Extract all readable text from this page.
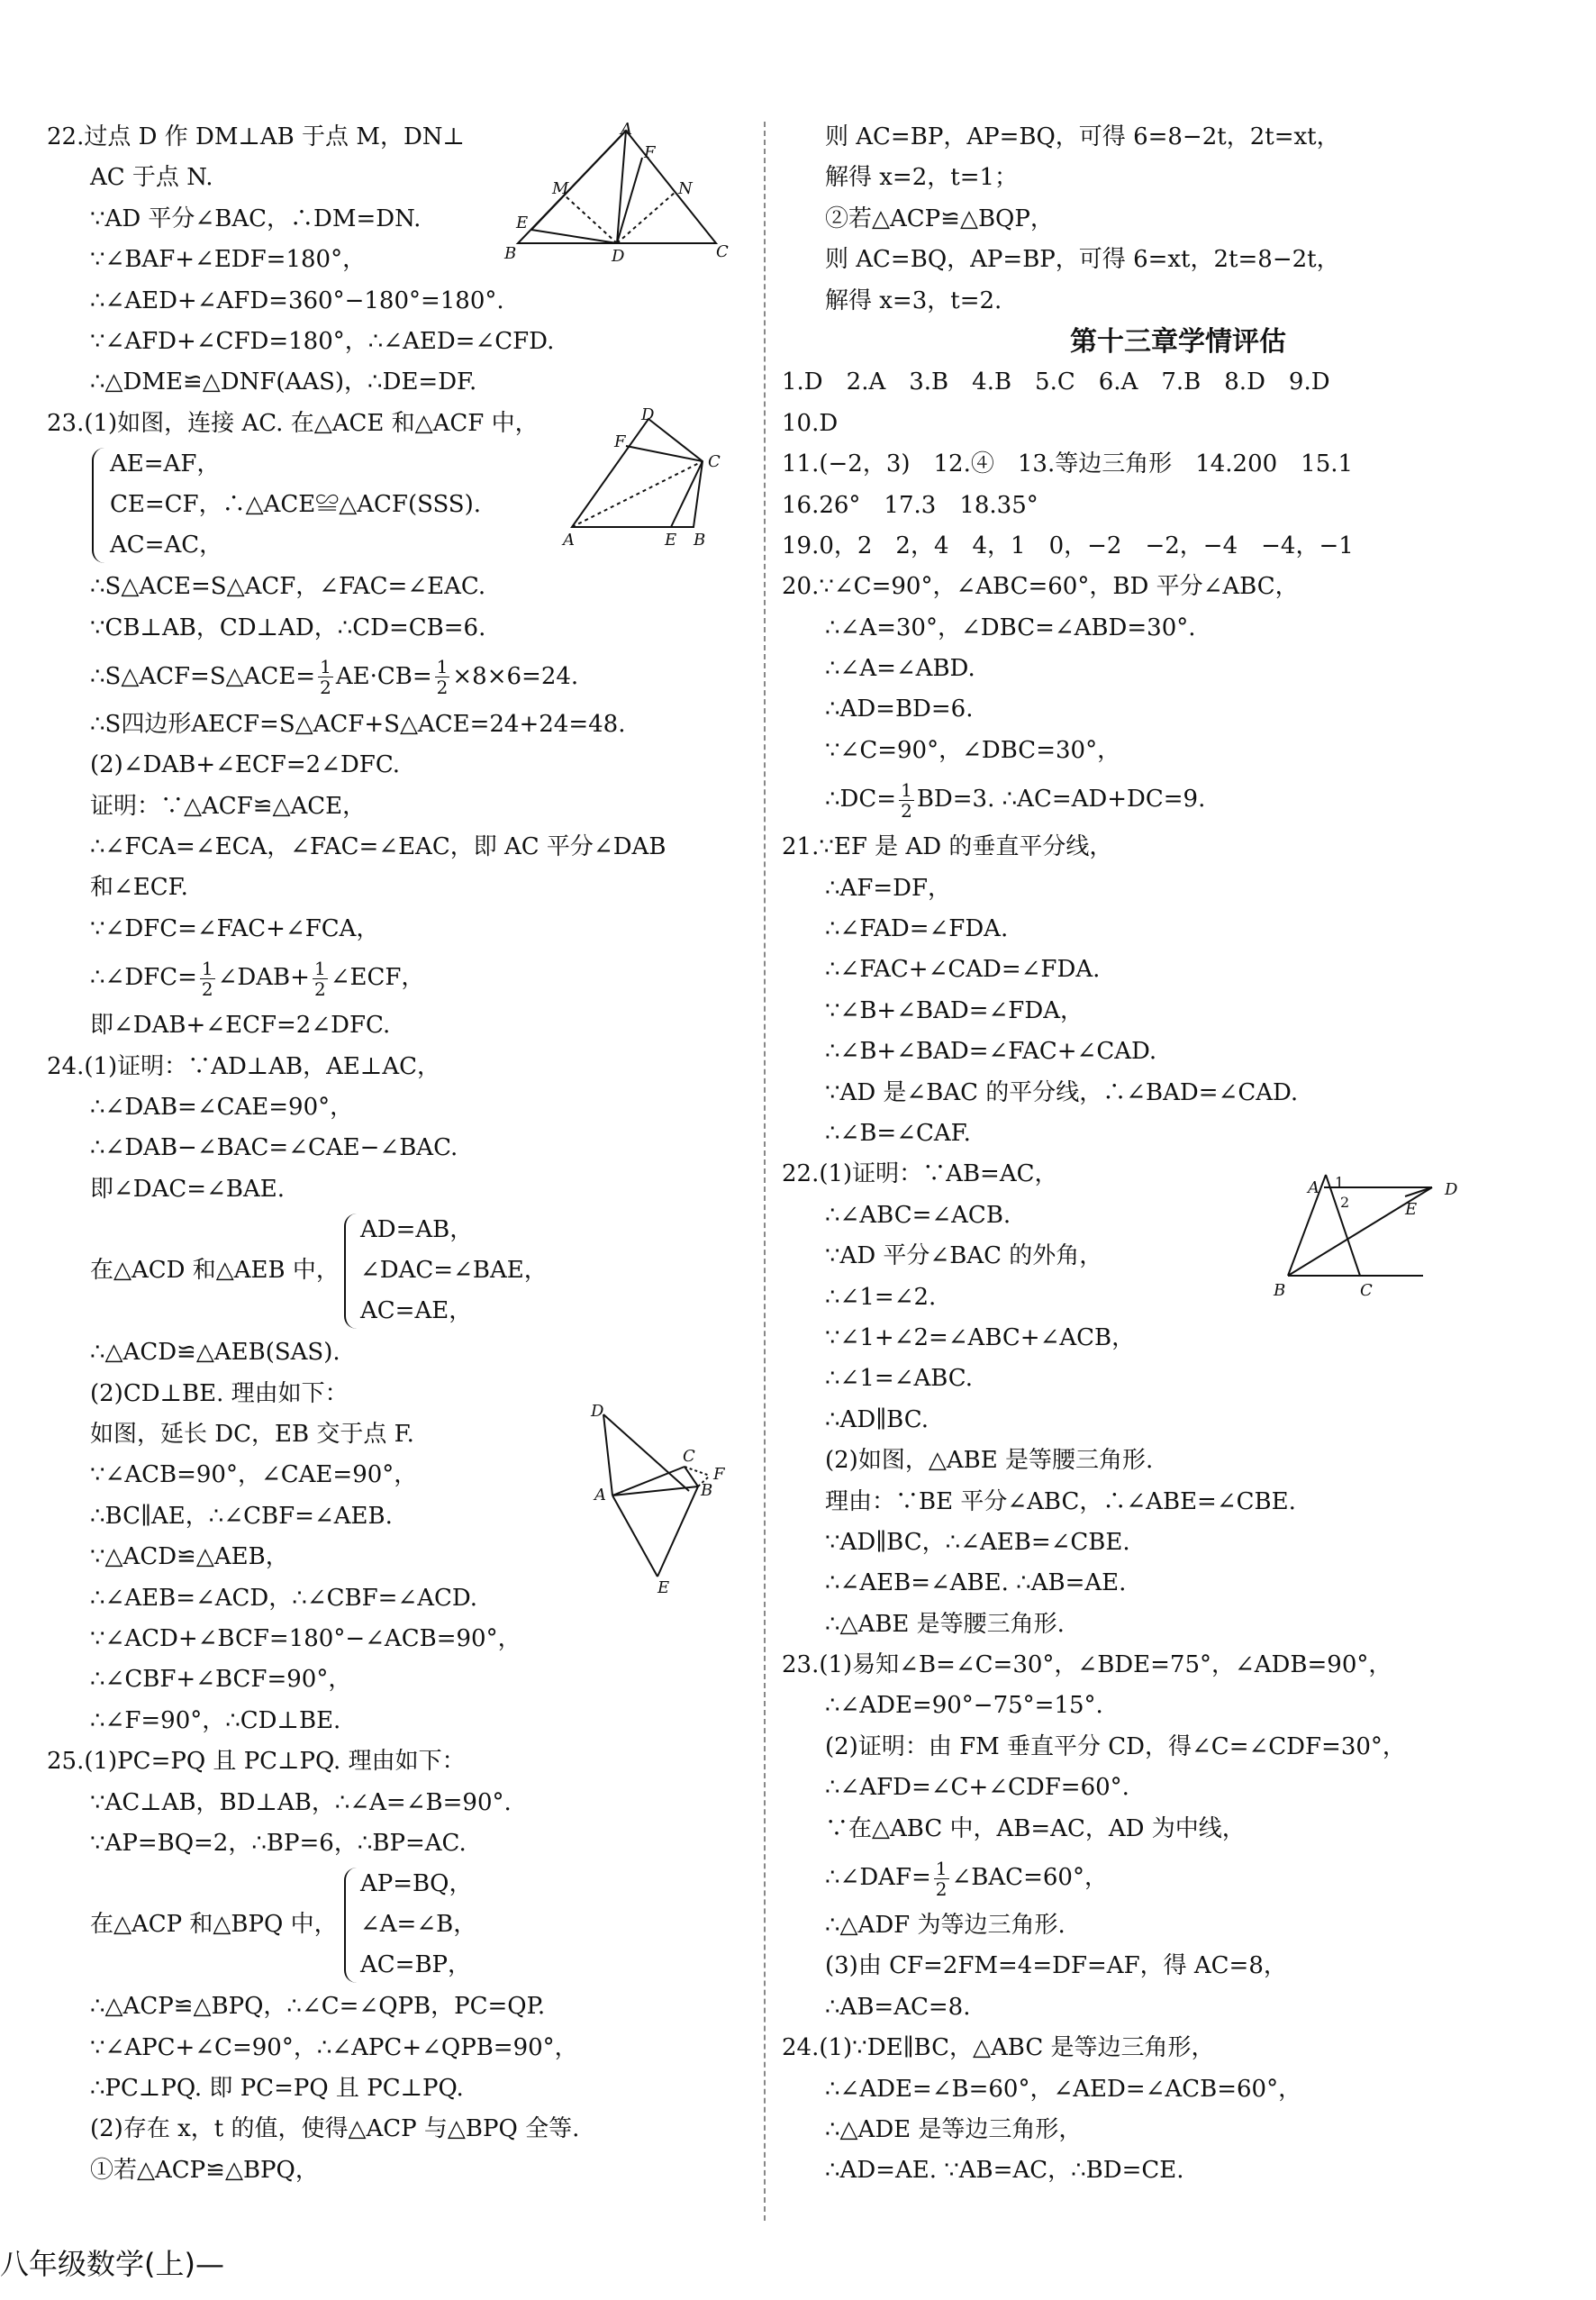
22.过点 D 作 DM⊥AB 于点 M，DN⊥
AC 于点 N.
∵AD 平分∠BAC，∴DM=DN.
∵∠BAF+∠EDF=180°，
∴∠AED+∠AFD=360°−180°=180°.
∵∠AFD+∠CFD=180°，∴∠AED=∠CFD.
∴△DME≌△DNF(AAS)，∴DE=DF.
23.(1)如图，连接 AC. 在△ACE 和△ACF 中，
AE=AF，
CE=CF，∴△ACE≌△ACF(SSS).
AC=AC，
∴S△ACE=S△ACF，∠FAC=∠EAC.
∵CB⊥AB，CD⊥AD，∴CD=CB=6.
∴S△ACF=S△ACE= $\frac{1}{2} AE\cdot CB= \frac{1}{2} \times 8\times 6=24$.
∴S四边形AECF=S△ACF+S△ACE=24+24=48.
(2)∠DAB+∠ECF=2∠DFC.
证明：∵△ACF≌△ACE，
∴∠FCA=∠ECA，∠FAC=∠EAC，即 AC 平分∠DAB
和∠ECF.
∵∠DFC=∠FAC+∠FCA，
∴∠DFC= $\frac{1}{2}$ ∠DAB+ $\frac{1}{2}$ ∠ECF，
即∠DAB+∠ECF=2∠DFC.
24.(1)证明：∵AD⊥AB，AE⊥AC，
∴∠DAB=∠CAE=90°，
∴∠DAB−∠BAC=∠CAE−∠BAC.
即∠DAC=∠BAE.
在△ACD 和△AEB 中，
AD=AB，
∠DAC=∠BAE，
AC=AE，
∴△ACD≌△AEB(SAS).
(2)CD⊥BE. 理由如下：
如图，延长 DC，EB 交于点 F.
∵∠ACB=90°，∠CAE=90°，
∴BC∥AE，∴∠CBF=∠AEB.
∵△ACD≌△AEB，
∴∠AEB=∠ACD，∴∠CBF=∠ACD.
∵∠ACD+∠BCF=180°−∠ACB=90°，
∴∠CBF+∠BCF=90°，
∴∠F=90°，∴CD⊥BE.
25.(1)PC=PQ 且 PC⊥PQ. 理由如下：
∵AC⊥AB，BD⊥AB，∴∠A=∠B=90°.
∵AP=BQ=2，∴BP=6，∴BP=AC.
在△ACP 和△BPQ 中，
AP=BQ，
∠A=∠B，
AC=BP，
∴△ACP≌△BPQ，∴∠C=∠QPB，PC=QP.
∵∠APC+∠C=90°，∴∠APC+∠QPB=90°，
∴PC⊥PQ. 即 PC=PQ 且 PC⊥PQ.
(2)存在 x，t 的值，使得△ACP 与△BPQ 全等.
①若△ACP≌△BPQ，
则 AC=BP，AP=BQ，可得 6=8−2t，2t=xt，
解得 x=2，t=1；
②若△ACP≌△BQP，
则 AC=BQ，AP=BP，可得 6=xt，2t=8−2t，
解得 x=3，t=2.
第十三章学情评估
1.D　2.A　3.B　4.B　5.C　6.A　7.B　8.D　9.D
10.D
11.(−2，3)　12.④　13.等边三角形　14.200　15.1
16.26°　17.3　18.35°
19.0，2　2，4　4，1　0，−2　−2，−4　−4，−1
20.∵∠C=90°，∠ABC=60°，BD 平分∠ABC，
∴∠A=30°，∠DBC=∠ABD=30°.
∴∠A=∠ABD.
∴AD=BD=6.
∵∠C=90°，∠DBC=30°，
∴DC= $\frac{1}{2} BD=3$. ∴AC=AD+DC=9.
21.∵EF 是 AD 的垂直平分线，
∴AF=DF，
∴∠FAD=∠FDA.
∴∠FAC+∠CAD=∠FDA.
∵∠B+∠BAD=∠FDA，
∴∠B+∠BAD=∠FAC+∠CAD.
∵AD 是∠BAC 的平分线，∴∠BAD=∠CAD.
∴∠B=∠CAF.
22.(1)证明：∵AB=AC，
∴∠ABC=∠ACB.
∵AD 平分∠BAC 的外角，
∴∠1=∠2.
∵∠1+∠2=∠ABC+∠ACB，
∴∠1=∠ABC.
∴AD∥BC.
(2)如图，△ABE 是等腰三角形.
理由：∵BE 平分∠ABC，∴∠ABE=∠CBE.
∵AD∥BC，∴∠AEB=∠CBE.
∴∠AEB=∠ABE. ∴AB=AE.
∴△ABE 是等腰三角形.
23.(1)易知∠B=∠C=30°，∠BDE=75°，∠ADB=90°，
∴∠ADE=90°−75°=15°.
(2)证明：由 FM 垂直平分 CD，得∠C=∠CDF=30°，
∴∠AFD=∠C+∠CDF=60°.
∵在△ABC 中，AB=AC，AD 为中线，
∴∠DAF= $\frac{1}{2}$ ∠BAC=60°，
∴△ADF 为等边三角形.
(3)由 CF=2FM=4=DF=AF，得 AC=8，
∴AB=AC=8.
24.(1)∵DE∥BC，△ABC 是等边三角形，
∴∠ADE=∠B=60°，∠AED=∠ACB=60°，
∴△ADE 是等边三角形，
∴AD=AE. ∵AB=AC，∴BD=CE.
A
M
F
N
E
B	D	C
D
F
C
A	E B
D
C
F
A	B
E
A 1
2
D
E
B	C
八年级数学(上)—
